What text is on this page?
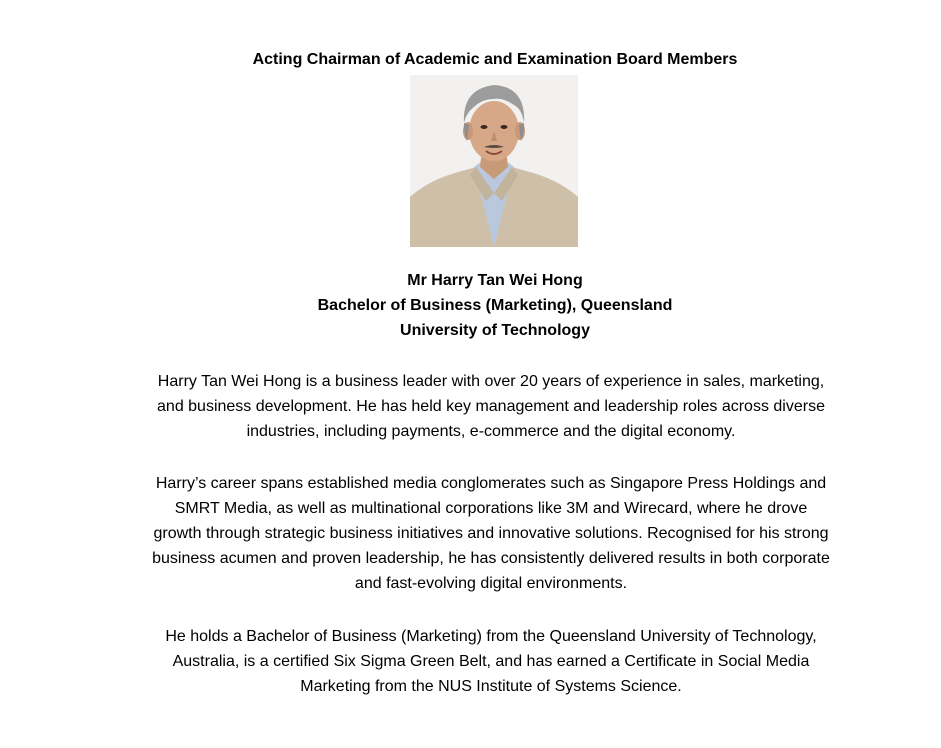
Acting Chairman of Academic and Examination Board Members
Mr Harry Tan Wei Hong
Bachelor of Business (Marketing), Queensland
University of Technology
Harry Tan Wei Hong is a business leader with over 20 years of experience in sales, marketing,
and business development. He has held key management and leadership roles across diverse
industries, including payments, e-commerce and the digital economy.
Harry’s career spans established media conglomerates such as Singapore Press Holdings and
SMRT Media, as well as multinational corporations like 3M and Wirecard, where he drove
growth through strategic business initiatives and innovative solutions. Recognised for his strong
business acumen and proven leadership, he has consistently delivered results in both corporate
and fast-evolving digital environments.
He holds a Bachelor of Business (Marketing) from the Queensland University of Technology,
Australia, is a certified Six Sigma Green Belt, and has earned a Certificate in Social Media
Marketing from the NUS Institute of Systems Science.
